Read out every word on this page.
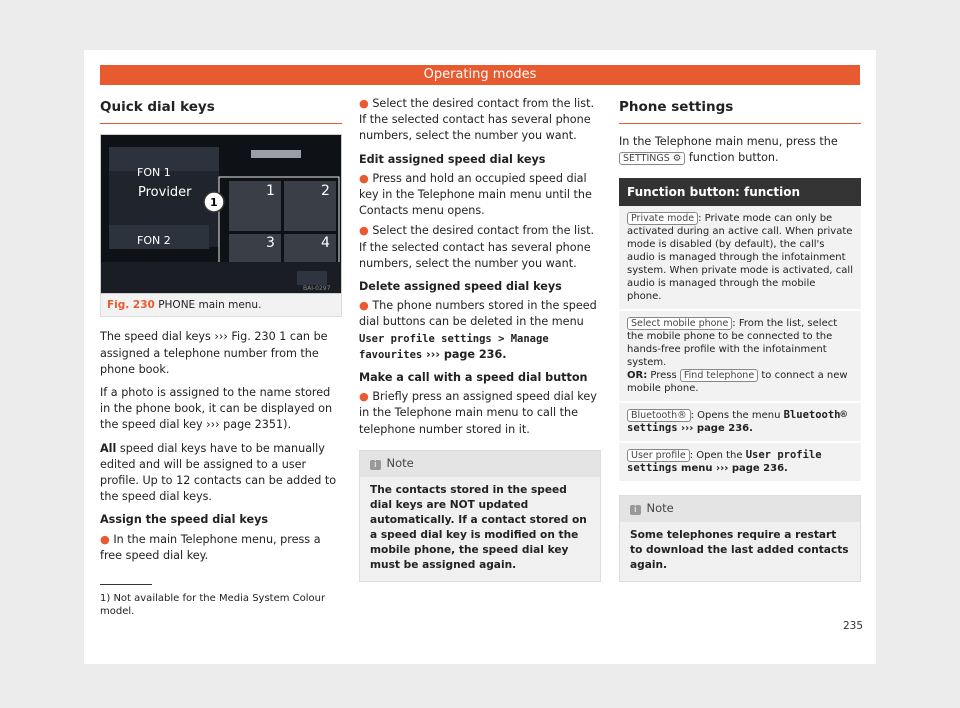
Operating modes
Quick dial keys
FON 1
Provider
FON 2
1
1	2
3	4
BAI-0297
Fig. 230 PHONE main menu.

The speed dial keys ››› Fig. 230 1 can be assigned a telephone number from the phone book.

If a photo is assigned to the name stored in the phone book, it can be displayed on the speed dial key ››› page 2351).

All speed dial keys have to be manually edited and will be assigned to a user profile. Up to 12 contacts can be added to the speed dial keys.

Assign the speed dial keys
● In the main Telephone menu, press a free speed dial key.
1) Not available for the Media System Colour model.
● Select the desired contact from the list. If the selected contact has several phone numbers, select the number you want.
Edit assigned speed dial keys
● Press and hold an occupied speed dial key in the Telephone main menu until the Contacts menu opens.
● Select the desired contact from the list. If the selected contact has several phone numbers, select the number you want.
Delete assigned speed dial keys
● The phone numbers stored in the speed dial buttons can be deleted in the menu User profile settings > Manage favourites ››› page 236.
Make a call with a speed dial button
● Briefly press an assigned speed dial key in the Telephone main menu to call the telephone number stored in it.
i Note
The contacts stored in the speed dial keys are NOT updated automatically. If a contact stored on a speed dial key is modified on the mobile phone, the speed dial key must be assigned again.
Phone settings

In the Telephone main menu, press the SETTINGS ⚙ function button.

Function button: function
Private mode : Private mode can only be activated during an active call. When private mode is disabled (by default), the call's audio is managed through the infotainment system. When private mode is activated, call audio is managed through the mobile phone.
Select mobile phone : From the list, select the mobile phone to be connected to the hands-free profile with the infotainment system.
OR: Press Find telephone to connect a new mobile phone.
Bluetooth® : Opens the menu Bluetooth® settings ››› page 236.
User profile : Open the User profile settings menu ››› page 236.
i Note
Some telephones require a restart to download the last added contacts again.
235
